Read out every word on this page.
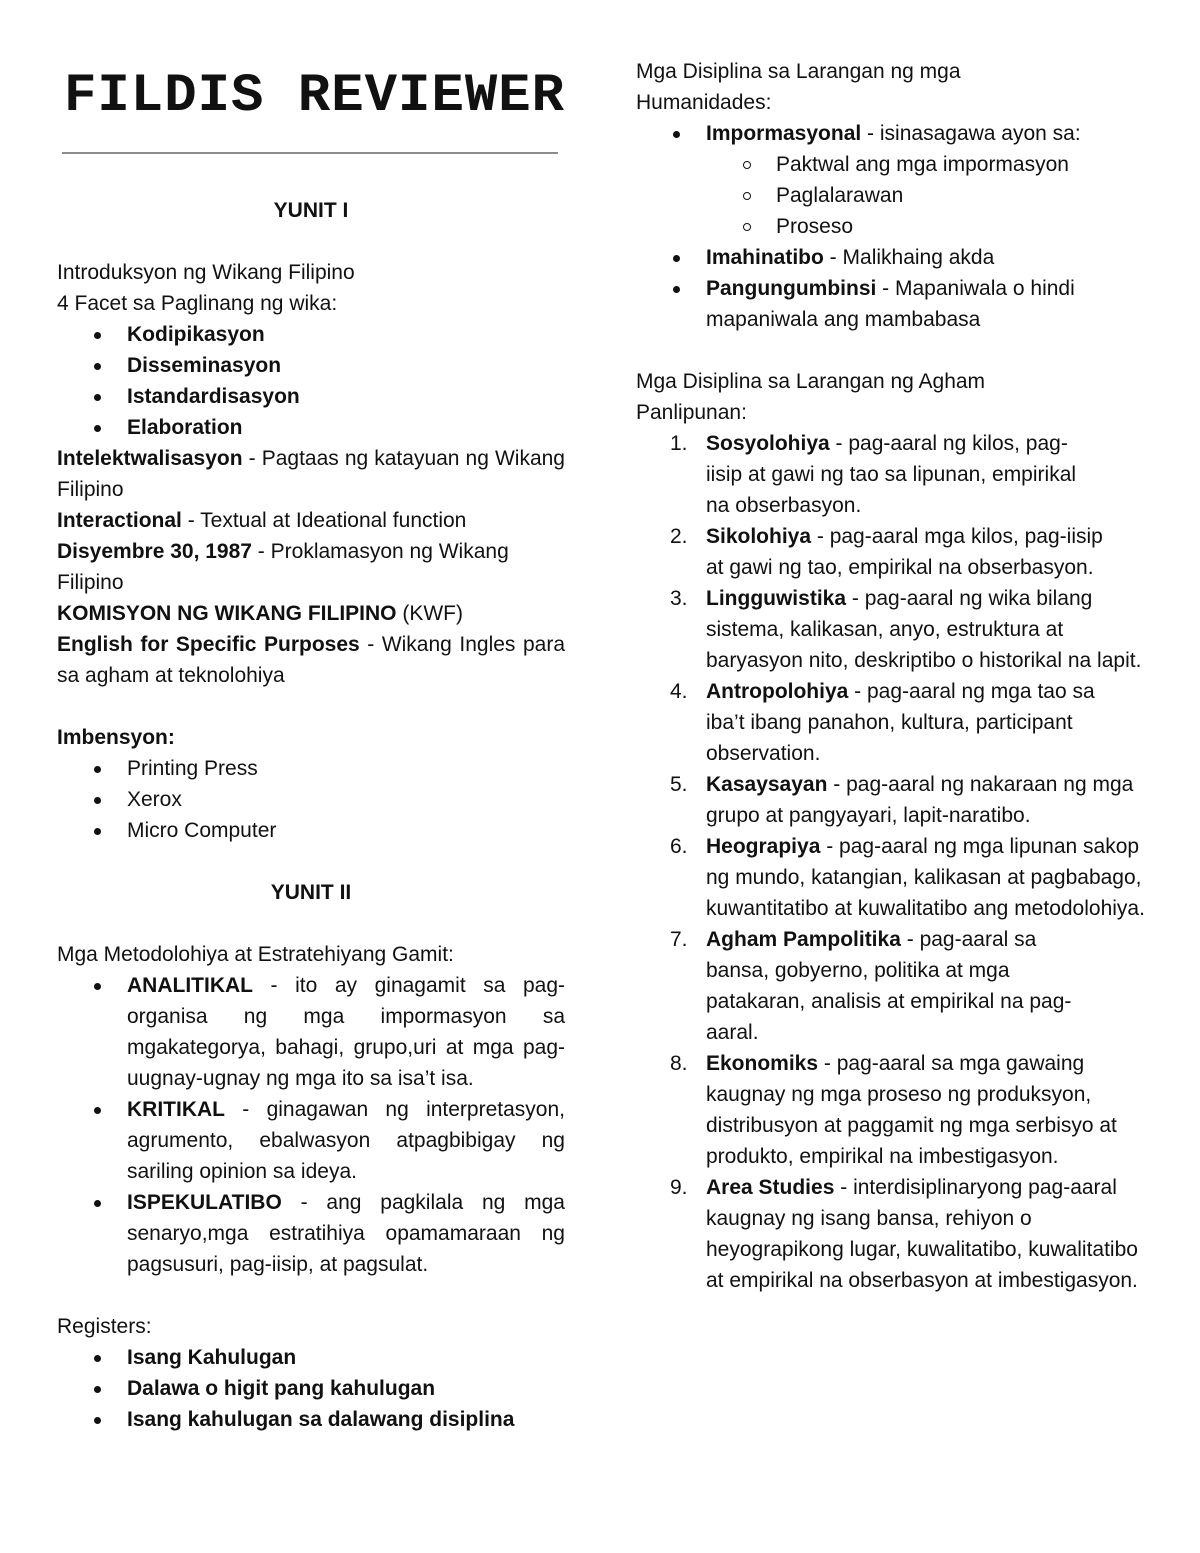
FILDIS REVIEWER

YUNIT I

Introduksyon ng Wikang Filipino

4 Facet sa Paglinang ng wika:

Kodipikasyon
Disseminasyon
Istandardisasyon
Elaboration

Intelektwalisasyon - Pagtaas ng katayuan ng Wikang Filipino

Interactional - Textual at Ideational function

Disyembre 30, 1987 - Proklamasyon ng Wikang Filipino

KOMISYON NG WIKANG FILIPINO (KWF)

English for Specific Purposes - Wikang Ingles para sa agham at teknolohiya

Imbensyon:

Printing Press
Xerox
Micro Computer

YUNIT II

Mga Metodolohiya at Estratehiyang Gamit:

ANALITIKAL - ito ay ginagamit sa pag-organisa ng mga impormasyon sa mgakategorya, bahagi, grupo,uri at mga pag-uugnay-ugnay ng mga ito sa isa’t isa.
KRITIKAL - ginagawan ng interpretasyon, agrumento, ebalwasyon atpagbibigay ng sariling opinion sa ideya.
ISPEKULATIBO - ang pagkilala ng mga senaryo,mga estratihiya opamamaraan ng pagsusuri, pag-iisip, at pagsulat.

Registers:

Isang Kahulugan
Dalawa o higit pang kahulugan
Isang kahulugan sa dalawang disiplina

Mga Disiplina sa Larangan ng mga Humanidades:

Impormasyonal - isinasagawa ayon sa:
Paktwal ang mga impormasyon
Paglalarawan
Proseso
Imahinatibo - Malikhaing akda
Pangungumbinsi - Mapaniwala o hindi mapaniwala ang mambabasa

Mga Disiplina sa Larangan ng Agham Panlipunan:

1. Sosyolohiya - pag-aaral ng kilos, pag-iisip at gawi ng tao sa lipunan, empirikal na obserbasyon.
2. Sikolohiya - pag-aaral mga kilos, pag-iisip at gawi ng tao, empirikal na obserbasyon.
3. Lingguwistika - pag-aaral ng wika bilang sistema, kalikasan, anyo, estruktura at baryasyon nito, deskriptibo o historikal na lapit.
4. Antropolohiya - pag-aaral ng mga tao sa iba’t ibang panahon, kultura, participant observation.
5. Kasaysayan - pag-aaral ng nakaraan ng mga grupo at pangyayari, lapit-naratibo.
6. Heograpiya - pag-aaral ng mga lipunan sakop ng mundo, katangian, kalikasan at pagbabago, kuwantitatibo at kuwalitatibo ang metodolohiya.
7. Agham Pampolitika - pag-aaral sa bansa, gobyerno, politika at mga patakaran, analisis at empirikal na pag-aaral.
8. Ekonomiks - pag-aaral sa mga gawaing kaugnay ng mga proseso ng produksyon, distribusyon at paggamit ng mga serbisyo at produkto, empirikal na imbestigasyon.
9. Area Studies - interdisiplinaryong pag-aaral kaugnay ng isang bansa, rehiyon o heyograpikong lugar, kuwalitatibo, kuwalitatibo at empirikal na obserbasyon at imbestigasyon.
